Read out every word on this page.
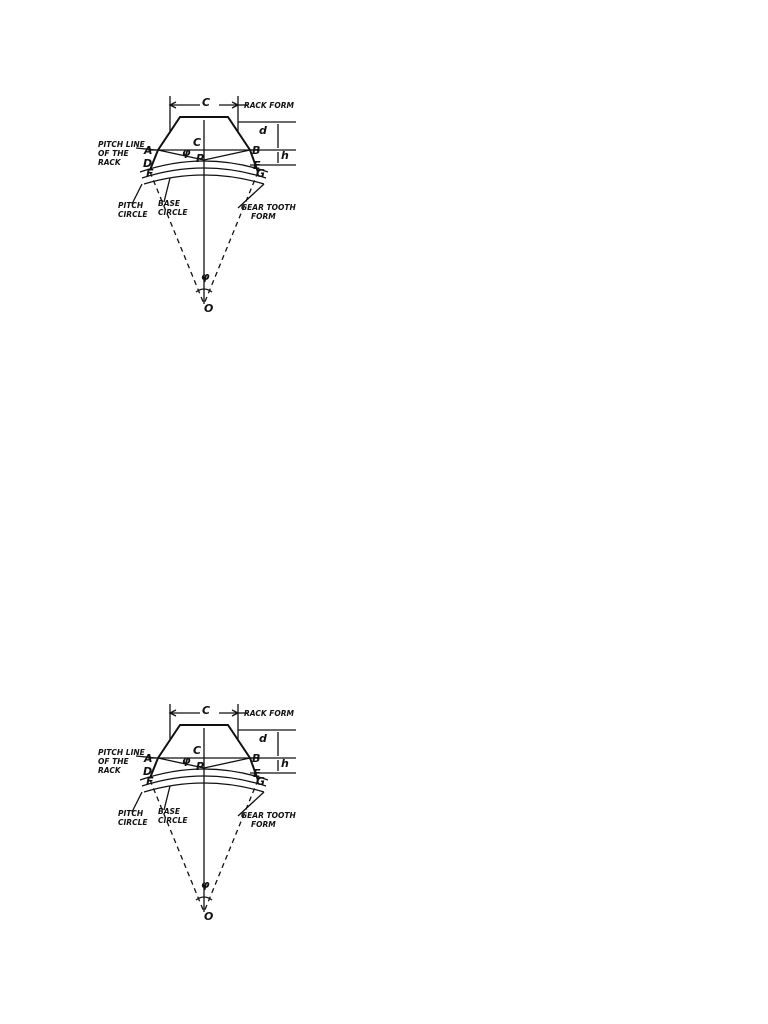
C
C
A	B
D
F
E
G
P
φ
φ
O
d
h
RACK FORM
PITCH LINE
OF THE
RACK
PITCH
CIRCLE
BASE
CIRCLE
GEAR TOOTH
FORM
C
C
A	B
D
F
E
G
P
φ
φ
O
d
h
RACK FORM
PITCH LINE
OF THE
RACK
PITCH
CIRCLE
BASE
CIRCLE
GEAR TOOTH
FORM
